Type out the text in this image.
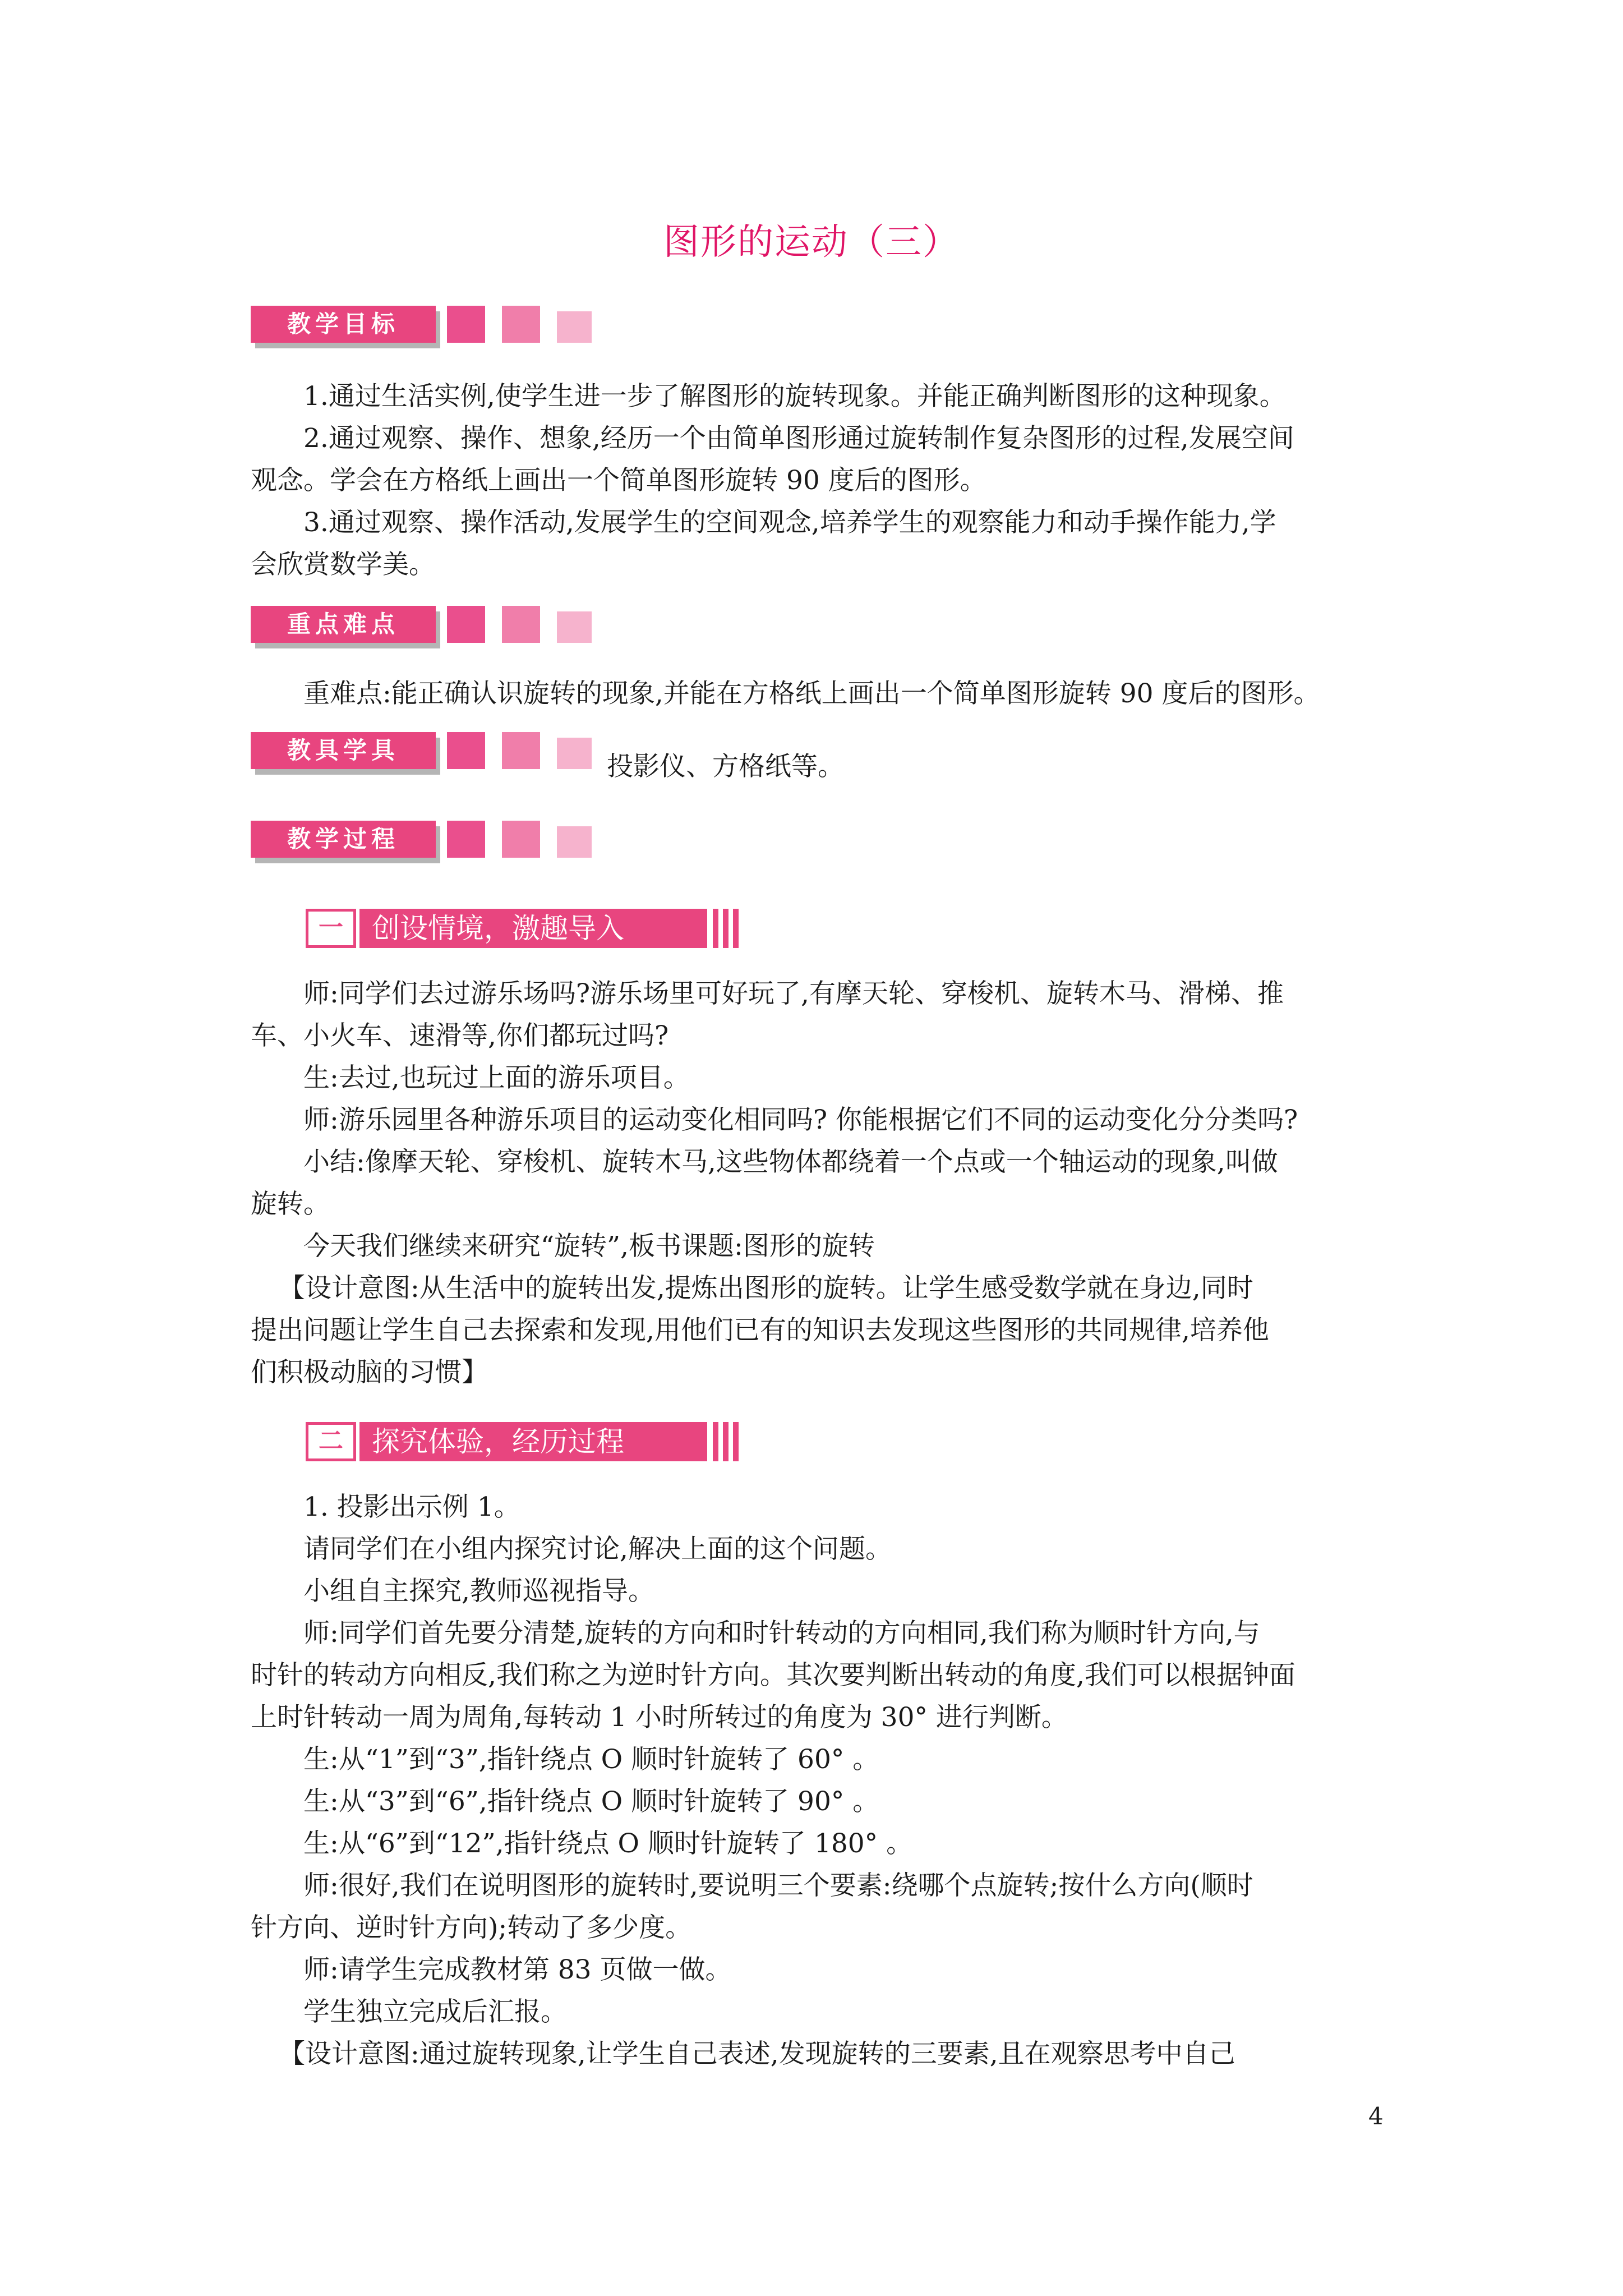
图形的运动（三）
教学目标
1.通过生活实例,使学生进一步了解图形的旋转现象。并能正确判断图形的这种现象。
2.通过观察、操作、想象,经历一个由简单图形通过旋转制作复杂图形的过程,发展空间
观念。学会在方格纸上画出一个简单图形旋转 90 度后的图形。
3.通过观察、操作活动,发展学生的空间观念,培养学生的观察能力和动手操作能力,学
会欣赏数学美。
重点难点
重难点:能正确认识旋转的现象,并能在方格纸上画出一个简单图形旋转 90 度后的图形。
教具学具
投影仪、方格纸等。
教学过程
一	创设情境，激趣导入
师:同学们去过游乐场吗?游乐场里可好玩了,有摩天轮、穿梭机、旋转木马、滑梯、推
车、小火车、速滑等,你们都玩过吗?
生:去过,也玩过上面的游乐项目。
师:游乐园里各种游乐项目的运动变化相同吗? 你能根据它们不同的运动变化分分类吗?
小结:像摩天轮、穿梭机、旋转木马,这些物体都绕着一个点或一个轴运动的现象,叫做
旋转。
今天我们继续来研究“旋转”,板书课题:图形的旋转
【设计意图:从生活中的旋转出发,提炼出图形的旋转。让学生感受数学就在身边,同时
提出问题让学生自己去探索和发现,用他们已有的知识去发现这些图形的共同规律,培养他
们积极动脑的习惯】
二	探究体验，经历过程
1. 投影出示例 1。
请同学们在小组内探究讨论,解决上面的这个问题。
小组自主探究,教师巡视指导。
师:同学们首先要分清楚,旋转的方向和时针转动的方向相同,我们称为顺时针方向,与
时针的转动方向相反,我们称之为逆时针方向。其次要判断出转动的角度,我们可以根据钟面
上时针转动一周为周角,每转动 1 小时所转过的角度为 30° 进行判断。
生:从“1”到“3”,指针绕点 O 顺时针旋转了 60° 。
生:从“3”到“6”,指针绕点 O 顺时针旋转了 90° 。
生:从“6”到“12”,指针绕点 O 顺时针旋转了 180° 。
师:很好,我们在说明图形的旋转时,要说明三个要素:绕哪个点旋转;按什么方向(顺时
针方向、逆时针方向);转动了多少度。
师:请学生完成教材第 83 页做一做。
学生独立完成后汇报。
【设计意图:通过旋转现象,让学生自己表述,发现旋转的三要素,且在观察思考中自己
4
